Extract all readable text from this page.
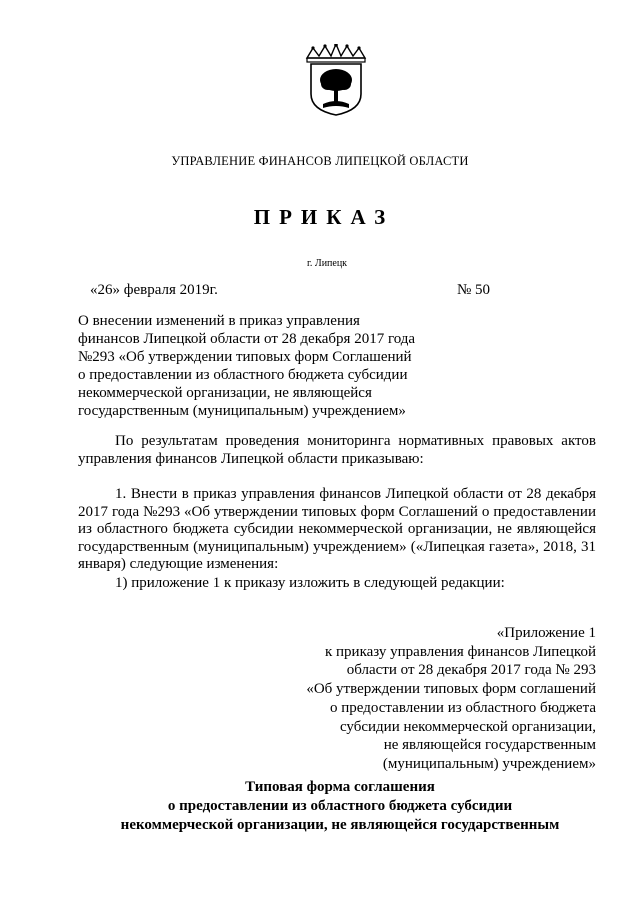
УПРАВЛЕНИЕ ФИНАНСОВ ЛИПЕЦКОЙ ОБЛАСТИ
ПРИКАЗ
г. Липецк
«26» февраля 2019г.	№ 50
О внесении изменений в приказ управления
финансов Липецкой области от 28 декабря 2017 года
№293 «Об утверждении типовых форм Соглашений
о предоставлении из областного бюджета субсидии
некоммерческой организации, не являющейся
государственным (муниципальным) учреждением»
По результатам проведения мониторинга нормативных правовых актов управления финансов Липецкой области приказываю:
1. Внести в приказ управления финансов Липецкой области от 28 декабря 2017 года №293 «Об утверждении типовых форм Соглашений о предоставлении из областного бюджета субсидии некоммерческой организации, не являющейся государственным (муниципальным) учреждением» («Липецкая газета», 2018, 31 января) следующие изменения:
1) приложение 1 к приказу изложить в следующей редакции:
«Приложение 1
к приказу управления финансов Липецкой
области от 28 декабря 2017 года № 293
«Об утверждении типовых форм соглашений
о предоставлении из областного бюджета
субсидии некоммерческой организации,
не являющейся государственным
(муниципальным) учреждением»
Типовая форма соглашения
о предоставлении из областного бюджета субсидии
некоммерческой организации, не являющейся государственным
